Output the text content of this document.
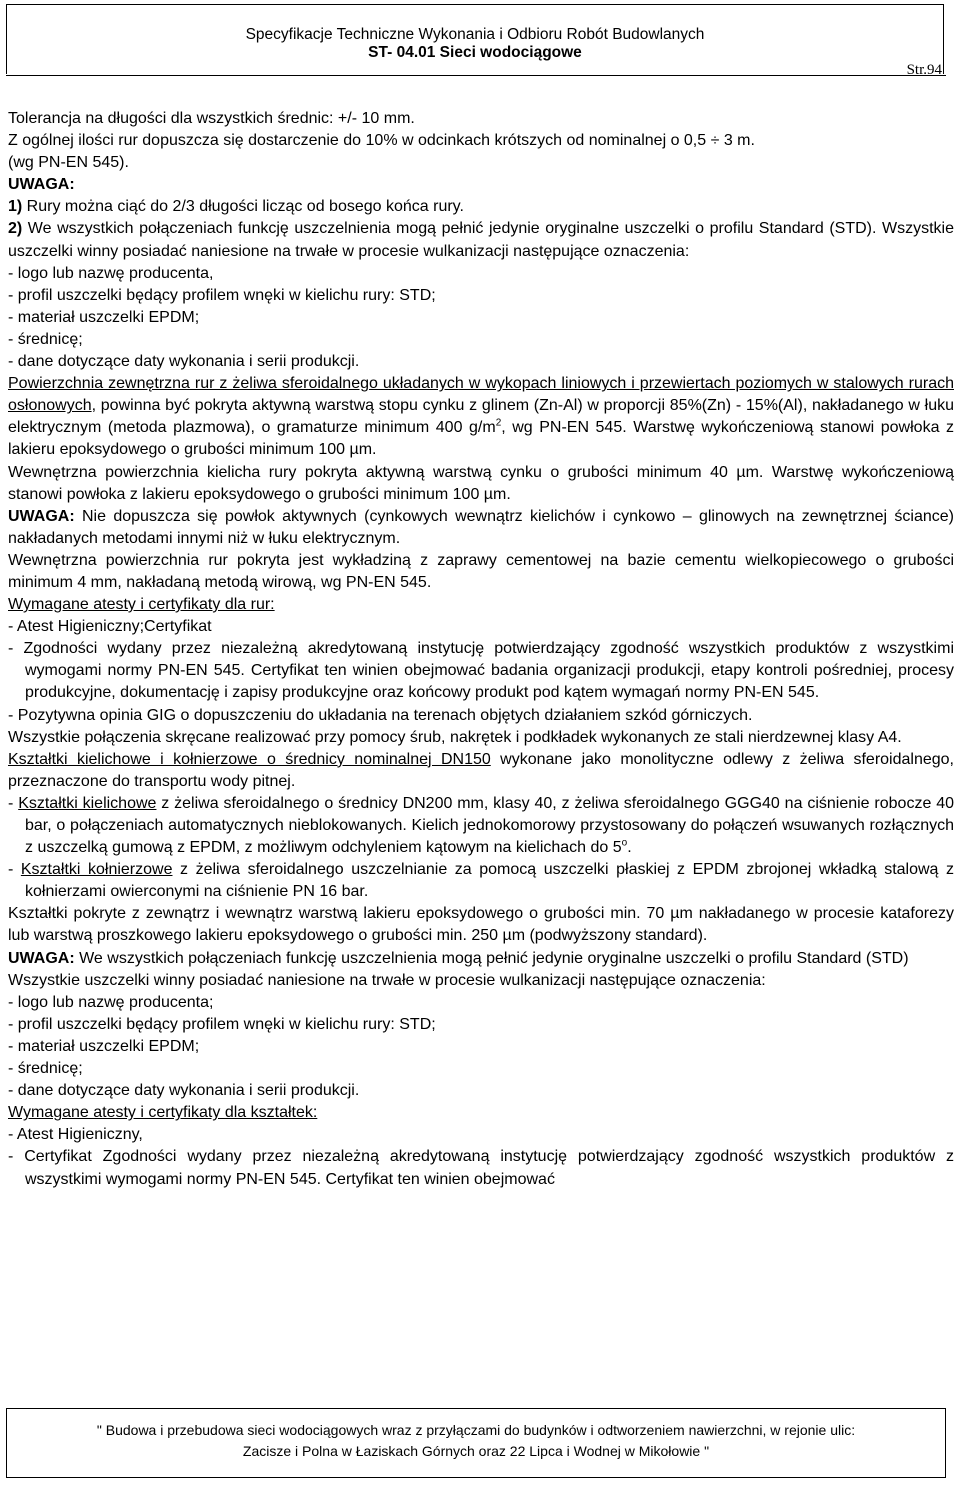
Specyfikacje Techniczne Wykonania i Odbioru Robót Budowlanych
ST- 04.01 Sieci wodociągowe
Str.94

Tolerancja na długości dla wszystkich średnic: +/- 10 mm.

Z ogólnej ilości rur dopuszcza się dostarczenie do 10% w odcinkach krótszych od nominalnej o 0,5 ÷ 3 m.

(wg PN-EN 545).

UWAGA:

1) Rury można ciąć do 2/3 długości licząc od bosego końca rury.

2) We wszystkich połączeniach funkcję uszczelnienia mogą pełnić jedynie oryginalne uszczelki o profilu Standard (STD). Wszystkie uszczelki winny posiadać naniesione na trwałe w procesie wulkanizacji następujące oznaczenia:

- logo lub nazwę producenta,

- profil uszczelki będący profilem wnęki w kielichu rury: STD;

- materiał uszczelki EPDM;

- średnicę;

- dane dotyczące daty wykonania i serii produkcji.

Powierzchnia zewnętrzna rur z żeliwa sferoidalnego układanych w wykopach liniowych i przewiertach poziomych w stalowych rurach osłonowych, powinna być pokryta aktywną warstwą stopu cynku z glinem (Zn-Al) w proporcji 85%(Zn) - 15%(Al), nakładanego w łuku elektrycznym (metoda plazmowa), o gramaturze minimum 400 $g/m^2$, wg PN-EN 545. Warstwę wykończeniową stanowi powłoka z lakieru epoksydowego o grubości minimum 100 µm.

Wewnętrzna powierzchnia kielicha rury pokryta aktywną warstwą cynku o grubości minimum 40 µm. Warstwę wykończeniową stanowi powłoka z lakieru epoksydowego o grubości minimum 100 µm.

UWAGA: Nie dopuszcza się powłok aktywnych (cynkowych wewnątrz kielichów i cynkowo – glinowych na zewnętrznej ściance) nakładanych metodami innymi niż w łuku elektrycznym.

Wewnętrzna powierzchnia rur pokryta jest wykładziną z zaprawy cementowej na bazie cementu wielkopiecowego o grubości minimum 4 mm, nakładaną metodą wirową, wg PN-EN 545.

Wymagane atesty i certyfikaty dla rur:

- Atest Higieniczny;Certyfikat

- Zgodności wydany przez niezależną akredytowaną instytucję potwierdzający zgodność wszystkich produktów z wszystkimi wymogami normy PN-EN 545. Certyfikat ten winien obejmować badania organizacji produkcji, etapy kontroli pośredniej, procesy produkcyjne, dokumentację i zapisy produkcyjne oraz końcowy produkt pod kątem wymagań normy PN-EN 545.

- Pozytywna opinia GIG o dopuszczeniu do układania na terenach objętych działaniem szkód górniczych.

Wszystkie połączenia skręcane realizować przy pomocy śrub, nakrętek i podkładek wykonanych ze stali nierdzewnej klasy A4.

Kształtki kielichowe i kołnierzowe o średnicy nominalnej DN150 wykonane jako monolityczne odlewy z żeliwa sferoidalnego, przeznaczone do transportu wody pitnej.

- Kształtki kielichowe z żeliwa sferoidalnego o średnicy DN200 mm, klasy 40, z żeliwa sferoidalnego GGG40 na ciśnienie robocze 40 bar, o połączeniach automatycznych nieblokowanych. Kielich jednokomorowy przystosowany do połączeń wsuwanych rozłącznych z uszczelką gumową z EPDM, z możliwym odchyleniem kątowym na kielichach do 5$^o$.

- Kształtki kołnierzowe z żeliwa sferoidalnego uszczelnianie za pomocą uszczelki płaskiej z EPDM zbrojonej wkładką stalową z kołnierzami owierconymi na ciśnienie PN 16 bar.

Kształtki pokryte z zewnątrz i wewnątrz warstwą lakieru epoksydowego o grubości min. 70 µm nakładanego w procesie kataforezy lub warstwą proszkowego lakieru epoksydowego o grubości min. 250 µm (podwyższony standard).

UWAGA: We wszystkich połączeniach funkcję uszczelnienia mogą pełnić jedynie oryginalne uszczelki o profilu Standard (STD)

Wszystkie uszczelki winny posiadać naniesione na trwałe w procesie wulkanizacji następujące oznaczenia:

- logo lub nazwę producenta;

- profil uszczelki będący profilem wnęki w kielichu rury: STD;

- materiał uszczelki EPDM;

- średnicę;

- dane dotyczące daty wykonania i serii produkcji.

Wymagane atesty i certyfikaty dla kształtek:

- Atest Higieniczny,

- Certyfikat Zgodności wydany przez niezależną akredytowaną instytucję potwierdzający zgodność wszystkich produktów z wszystkimi wymogami normy PN-EN 545. Certyfikat ten winien obejmować

" Budowa i przebudowa sieci wodociągowych wraz z przyłączami do budynków i odtworzeniem nawierzchni, w rejonie ulic:
Zacisze i Polna w Łaziskach Górnych oraz 22 Lipca i Wodnej w Mikołowie "
